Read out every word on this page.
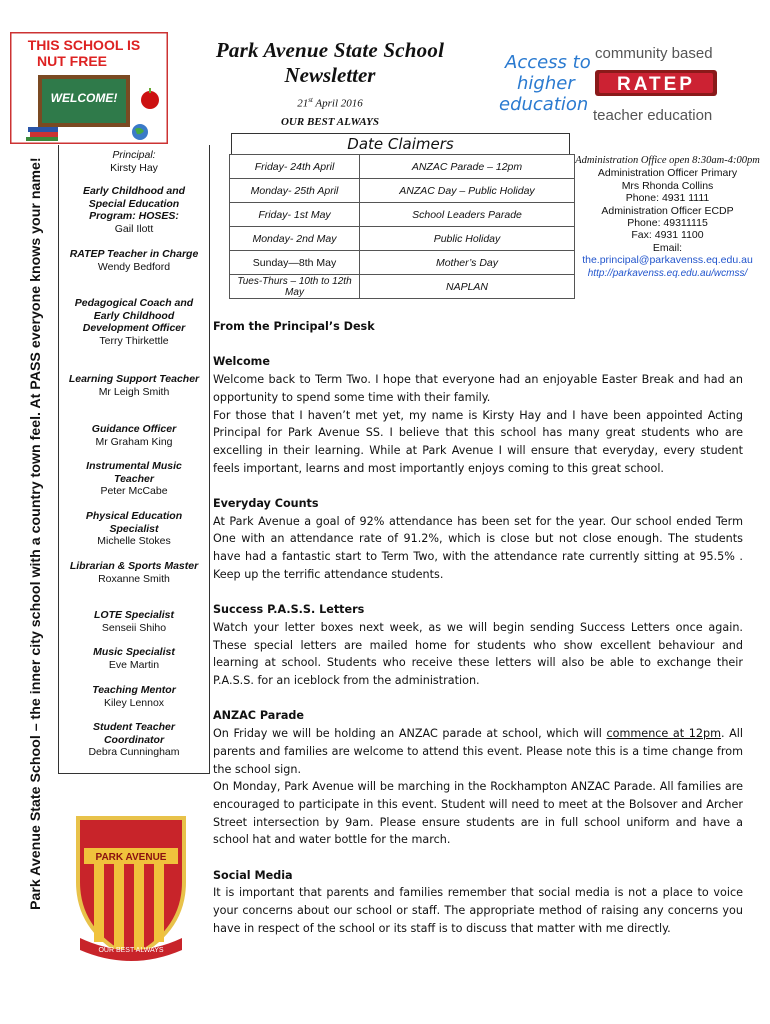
Park Avenue State School – the inner city school with a country town feel. At PASS everyone knows your name!
THIS SCHOOL IS
NUT FREE
WELCOME!
Park Avenue State School
Newsletter
21st April 2016
OUR BEST ALWAYS
Access to
higher
education
community based
RATEP
teacher education
Principal:
Kirsty Hay
Early Childhood and Special Education Program: HOSES:
Gail Ilott
RATEP Teacher in Charge
Wendy Bedford
Pedagogical Coach and Early Childhood Development Officer
Terry Thirkettle
Learning Support Teacher
Mr Leigh Smith
Guidance Officer
Mr Graham King
Instrumental Music Teacher
Peter McCabe
Physical Education Specialist
Michelle Stokes
Librarian & Sports Master
Roxanne Smith
LOTE Specialist
Senseii Shiho
Music Specialist
Eve Martin
Teaching Mentor
Kiley Lennox
Student Teacher Coordinator
Debra Cunningham
Date Claimers
Friday- 24th April	ANZAC Parade – 12pm
Monday- 25th April	ANZAC Day – Public Holiday
Friday- 1st May	School Leaders Parade
Monday- 2nd May	Public Holiday
Sunday—8th May	Mother’s Day
Tues-Thurs – 10th to 12th May	NAPLAN
Administration Office open 8:30am-4:00pm
Administration Officer Primary
Mrs Rhonda Collins
Phone: 4931 1111
Administration Officer ECDP
Phone: 49311115
Fax: 4931 1100
Email:
the.principal@parkavenss.eq.edu.au
http://parkavenss.eq.edu.au/wcmss/
From the Principal’s Desk
Welcome

Welcome back to Term Two. I hope that everyone had an enjoyable Easter Break and had an opportunity to spend some time with their family.

For those that I haven’t met yet, my name is Kirsty Hay and I have been appointed Acting Principal for Park Avenue SS. I believe that this school has many great students who are excelling in their learning. While at Park Avenue I will ensure that everyday, every student feels important, learns and most importantly enjoys coming to this great school.

Everyday Counts

At Park Avenue a goal of 92% attendance has been set for the year. Our school ended Term One with an attendance rate of 91.2%, which is close but not close enough. The students have had a fantastic start to Term Two, with the attendance rate currently sitting at 95.5% . Keep up the terrific attendance students.

Success P.A.S.S. Letters

Watch your letter boxes next week, as we will begin sending Success Letters once again. These special letters are mailed home for students who show excellent behaviour and learning at school. Students who receive these letters will also be able to exchange their P.A.S.S. for an iceblock from the administration.

ANZAC Parade

On Friday we will be holding an ANZAC parade at school, which will commence at 12pm. All parents and families are welcome to attend this event. Please note this is a time change from the school sign.

On Monday, Park Avenue will be marching in the Rockhampton ANZAC Parade. All families are encouraged to participate in this event. Student will need to meet at the Bolsover and Archer Street intersection by 9am. Please ensure students are in full school uniform and have a school hat and water bottle for the march.

Social Media

It is important that parents and families remember that social media is not a place to voice your concerns about our school or staff. The appropriate method of raising any concerns you have in respect of the school or its staff is to discuss that matter with me directly.

PARK AVENUE
OUR BEST ALWAYS
